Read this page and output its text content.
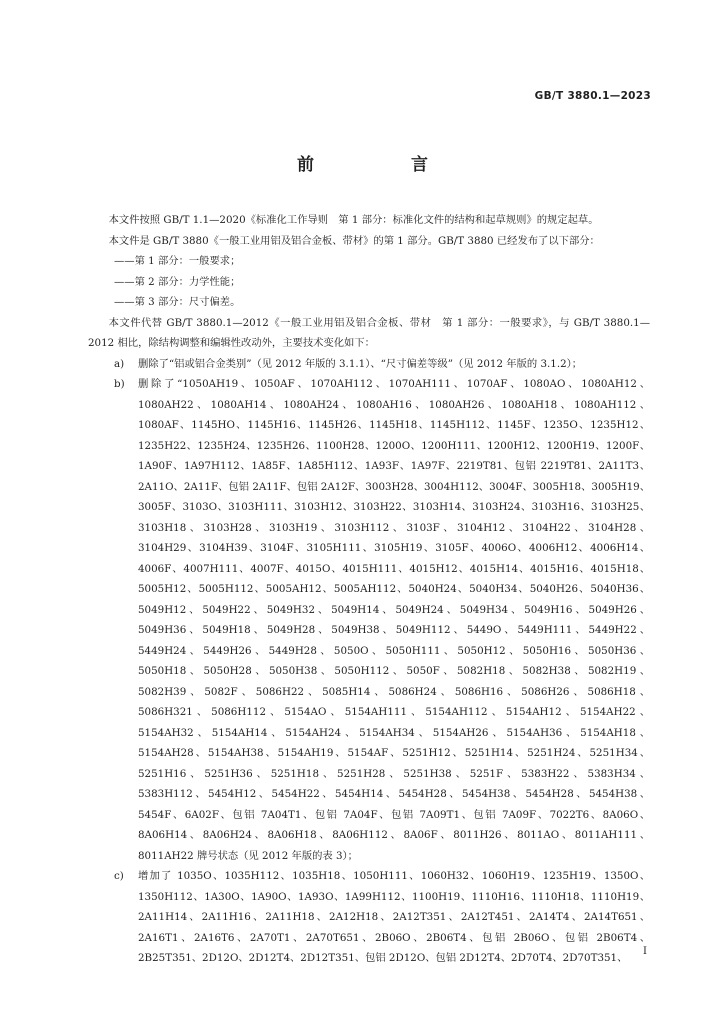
GB/T 3880.1—2023
前　言

本文件按照 GB/T 1.1—2020《标准化工作导则　第 1 部分：标准化文件的结构和起草规则》的规定起草。

本文件是 GB/T 3880《一般工业用铝及铝合金板、带材》的第 1 部分。GB/T 3880 已经发布了以下部分：

——第 1 部分：一般要求；

——第 2 部分：力学性能；

——第 3 部分：尺寸偏差。

本文件代替 GB/T 3880.1—2012《一般工业用铝及铝合金板、带材　第 1 部分：一般要求》，与 GB/T 3880.1—2012 相比，除结构调整和编辑性改动外，主要技术变化如下：

a) 删除了“铝或铝合金类别”（见 2012 年版的 3.1.1）、“尺寸偏差等级”（见 2012 年版的 3.1.2）；
b) 删除了“1050AH19、1050AF、1070AH112、1070AH111、1070AF、1080AO、1080AH12、1080AH22、1080AH14、1080AH24、1080AH16、1080AH26、1080AH18、1080AH112、1080AF、1145HO、1145H16、1145H26、1145H18、1145H112、1145F、1235O、1235H12、1235H22、1235H24、1235H26、1100H28、1200O、1200H111、1200H12、1200H19、1200F、1A90F、1A97H112、1A85F、1A85H112、1A93F、1A97F、2219T81、包铝 2219T81、2A11T3、2A11O、2A11F、包铝 2A11F、包铝 2A12F、3003H28、3004H112、3004F、3005H18、3005H19、3005F、3103O、3103H111、3103H12、3103H22、3103H14、3103H24、3103H16、3103H25、3103H18、3103H28、3103H19、3103H112、3103F、3104H12、3104H22、3104H28、3104H29、3104H39、3104F、3105H111、3105H19、3105F、4006O、4006H12、4006H14、4006F、4007H111、4007F、4015O、4015H111、4015H12、4015H14、4015H16、4015H18、5005H12、5005H112、5005AH12、5005AH112、5040H24、5040H34、5040H26、5040H36、5049H12、5049H22、5049H32、5049H14、5049H24、5049H34、5049H16、5049H26、5049H36、5049H18、5049H28、5049H38、5049H112、5449O、5449H111、5449H22、5449H24、5449H26、5449H28、5050O、5050H111、5050H12、5050H16、5050H36、5050H18、5050H28、5050H38、5050H112、5050F、5082H18、5082H38、5082H19、5082H39、5082F、5086H22、5085H14、5086H24、5086H16、5086H26、5086H18、5086H321、5086H112、5154AO、5154AH111、5154AH112、5154AH12、5154AH22、5154AH32、5154AH14、5154AH24、5154AH34、5154AH26、5154AH36、5154AH18、5154AH28、5154AH38、5154AH19、5154AF、5251H12、5251H14、5251H24、5251H34、5251H16、5251H36、5251H18、5251H28、5251H38、5251F、5383H22、5383H34、5383H112、5454H12、5454H22、5454H14、5454H28、5454H38、5454H28、5454H38、5454F、6A02F、包铝 7A04T1、包铝 7A04F、包铝 7A09T1、包铝 7A09F、7022T6、8A06O、8A06H14、8A06H24、8A06H18、8A06H112、8A06F、8011H26、8011AO、8011AH111、8011AH22 牌号状态（见 2012 年版的表 3）；
c) 增加了 1035O、1035H112、1035H18、1050H111、1060H32、1060H19、1235H19、1350O、1350H112、1A30O、1A90O、1A93O、1A99H112、1100H19、1110H16、1110H18、1110H19、2A11H14、2A11H16、2A11H18、2A12H18、2A12T351、2A12T451、2A14T4、2A14T651、2A16T1、2A16T6、2A70T1、2A70T651、2B06O、2B06T4、包铝 2B06O、包铝 2B06T4、2B25T351、2D12O、2D12T4、2D12T351、包铝 2D12O、包铝 2D12T4、2D70T4、2D70T351、
I
